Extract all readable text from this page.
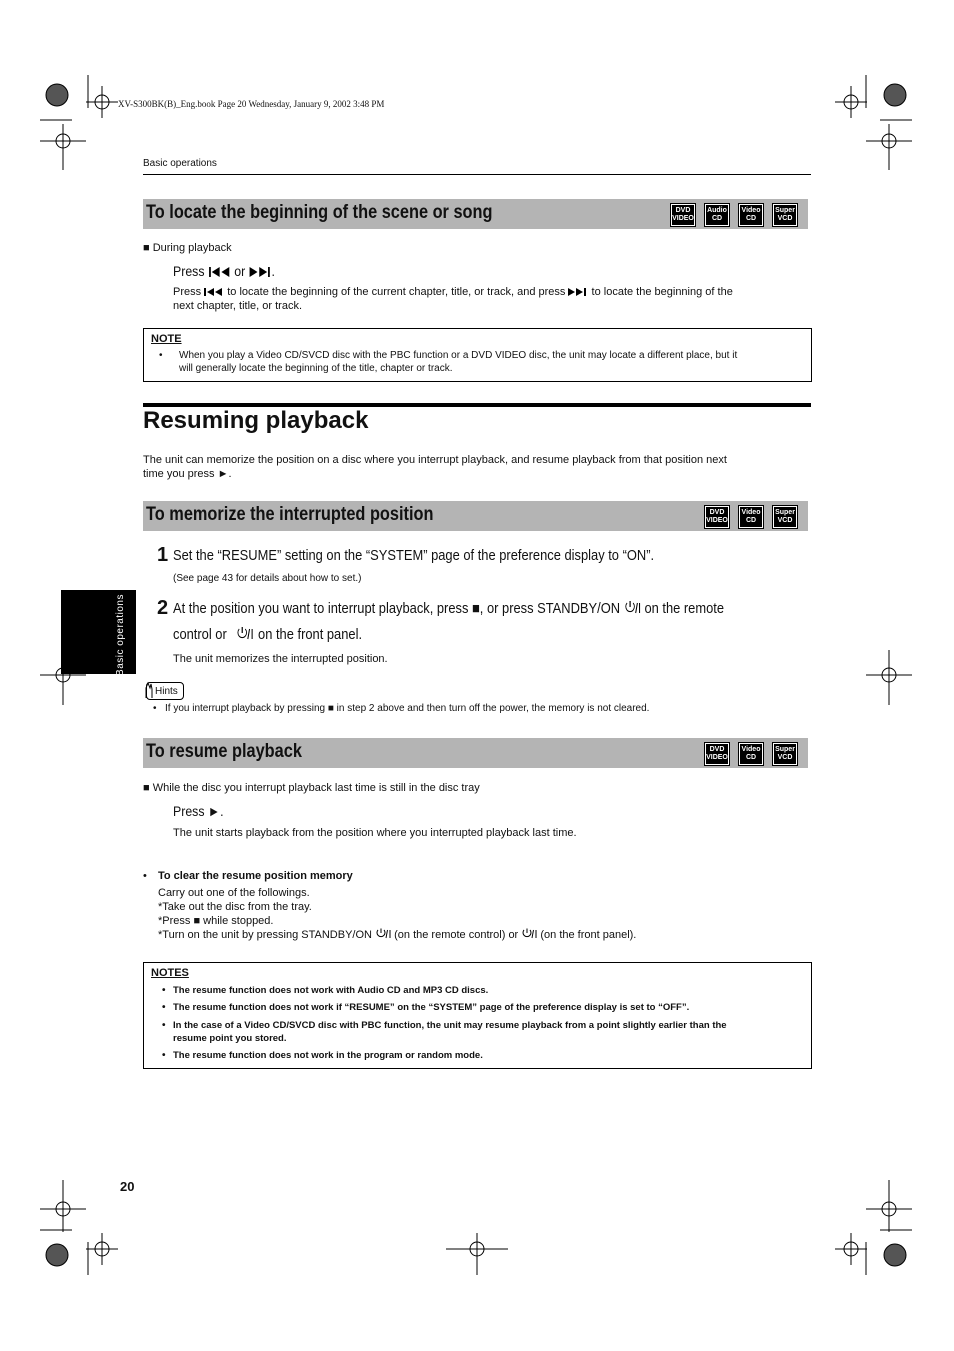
XV-S300BK(B)_Eng.book Page 20 Wednesday, January 9, 2002 3:48 PM
Basic operations
To locate the beginning of the scene or song	DVD
VIDEO
Audio
CD
Video
CD
Super
VCD
■ During playback
Press or .
Press to locate the beginning of the current chapter, title, or track, and press to locate the beginning of the
next chapter, title, or track.
NOTE
• When you play a Video CD/SVCD disc with the PBC function or a DVD VIDEO disc, the unit may locate a different place, but it
will generally locate the beginning of the title, chapter or track.
Resuming playback
The unit can memorize the position on a disc where you interrupt playback, and resume playback from that position next
time you press ►.
To memorize the interrupted position	DVD
VIDEO
Video
CD
Super
VCD
1 Set the “RESUME” setting on the “SYSTEM” page of the preference display to “ON”.
(See page 43 for details about how to set.)
2 At the position you want to interrupt playback, press ■, or press STANDBY/ON on the remote
control or on the front panel.
The unit memorizes the interrupted position.
Hints
• If you interrupt playback by pressing ■ in step 2 above and then turn off the power, the memory is not cleared.
To resume playback	DVD
VIDEO
Video
CD
Super
VCD
■ While the disc you interrupt playback last time is still in the disc tray
Press ►.
The unit starts playback from the position where you interrupted playback last time.
• To clear the resume position memory
Carry out one of the followings.
*Take out the disc from the tray.
*Press ■ while stopped.
*Turn on the unit by pressing STANDBY/ON (on the remote control) or (on the front panel).
NOTES
• The resume function does not work with Audio CD and MP3 CD discs.
• The resume function does not work if “RESUME” on the “SYSTEM” page of the preference display is set to “OFF”.
• In the case of a Video CD/SVCD disc with PBC function, the unit may resume playback from a point slightly earlier than the
resume point you stored.
• The resume function does not work in the program or random mode.
Basic operations
20
